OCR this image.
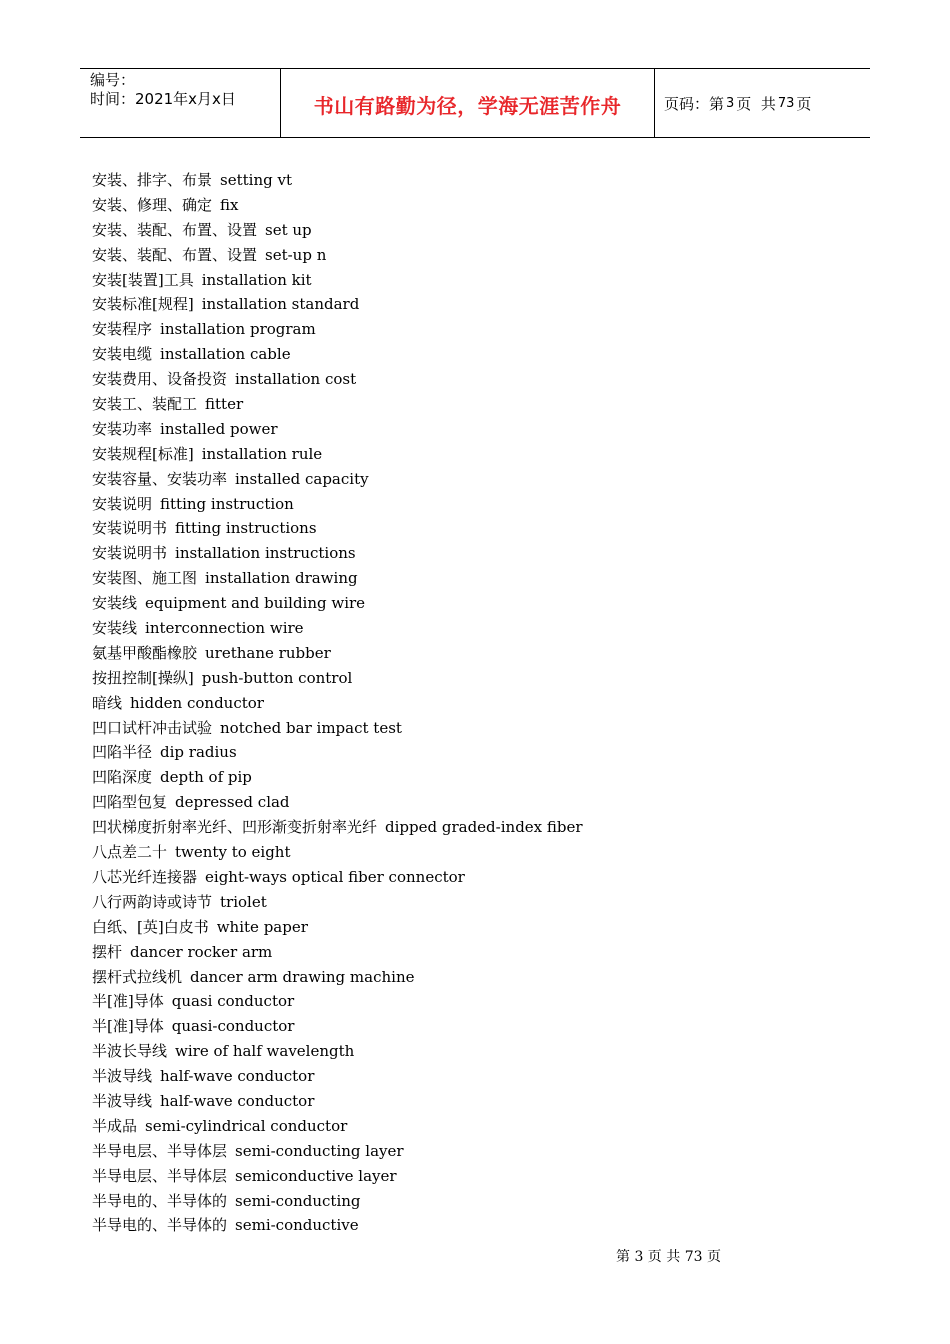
编号：
时间：2021年x月x日	书山有路勤为径，学海无涯苦作舟	页码：第 3 页  共 73 页
安装、排字、布景 setting vt
安装、修理、确定 fix
安装、装配、布置、设置 set up
安装、装配、布置、设置 set-up n
安装[装置]工具 installation kit
安装标准[规程] installation standard
安装程序 installation program
安装电缆 installation cable
安装费用、设备投资 installation cost
安装工、装配工 fitter
安装功率 installed power
安装规程[标准] installation rule
安装容量、安装功率 installed capacity
安装说明 fitting instruction
安装说明书 fitting instructions
安装说明书 installation instructions
安装图、施工图 installation drawing
安装线 equipment and building wire
安装线 interconnection wire
氨基甲酸酯橡胶 urethane rubber
按扭控制[操纵] push-button control
暗线 hidden conductor
凹口试杆冲击试验 notched bar impact test
凹陷半径 dip radius
凹陷深度 depth of pip
凹陷型包复 depressed clad
凹状梯度折射率光纤、凹形渐变折射率光纤 dipped graded-index fiber
八点差二十 twenty to eight
八芯光纤连接器 eight-ways optical fiber connector
八行两韵诗或诗节 triolet
白纸、[英]白皮书 white paper
摆杆 dancer rocker arm
摆杆式拉线机 dancer arm drawing machine
半[准]导体 quasi conductor
半[准]导体 quasi-conductor
半波长导线 wire of half wavelength
半波导线 half-wave conductor
半波导线 half-wave conductor
半成品 semi-cylindrical conductor
半导电层、半导体层 semi-conducting layer
半导电层、半导体层 semiconductive layer
半导电的、半导体的 semi-conducting
半导电的、半导体的 semi-conductive
第 3 页 共 73 页
